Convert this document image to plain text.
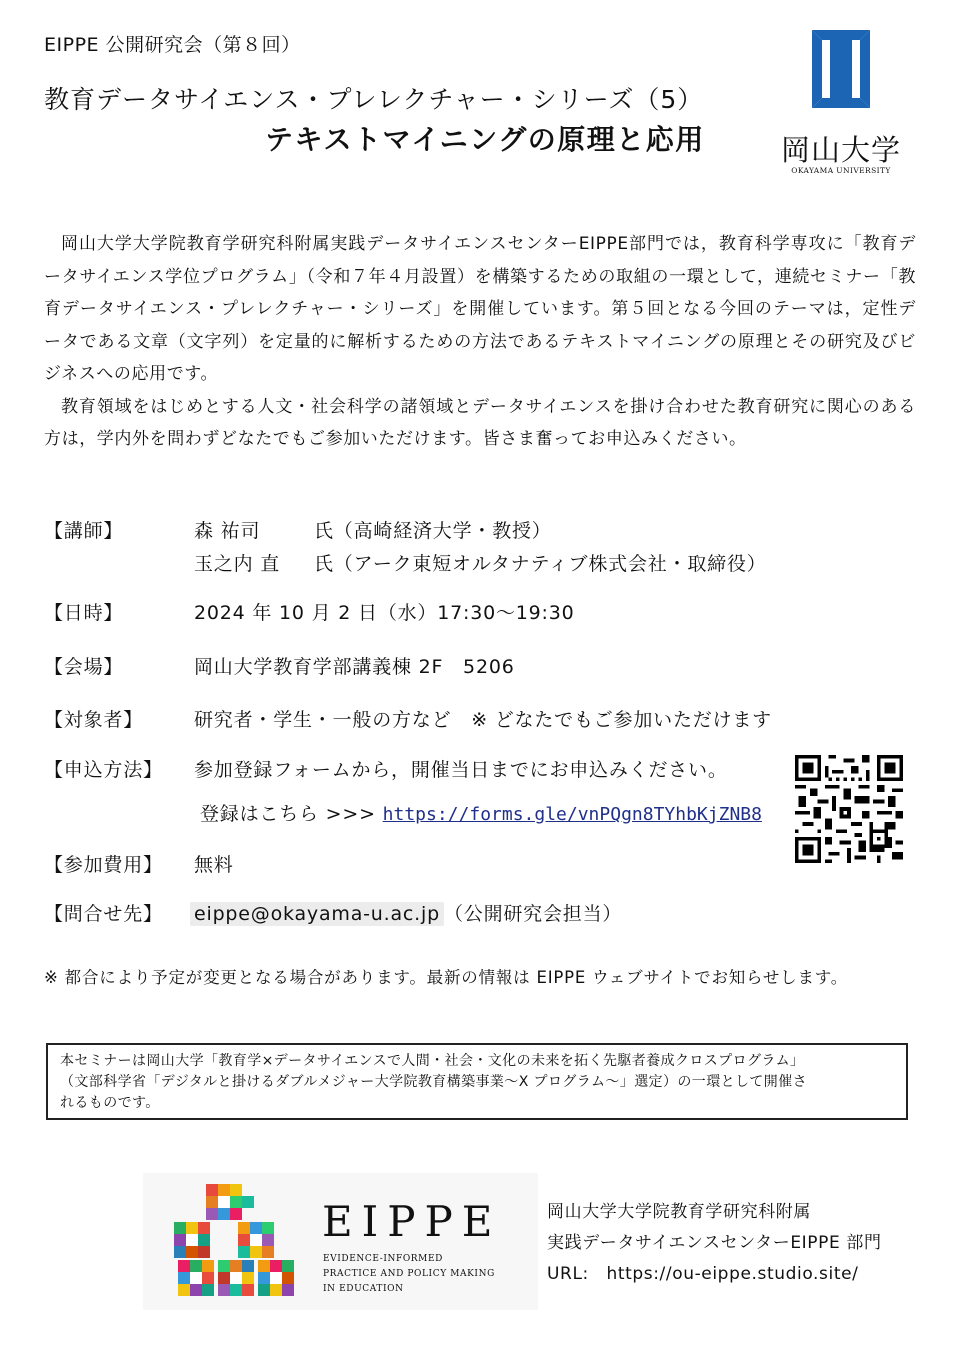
EIPPE 公開研究会（第８回）
教育データサイエンス・プレレクチャー・シリーズ（5）
テキストマイニングの原理と応用	岡山大学
OKAYAMA UNIVERSITY

岡山大学大学院教育学研究科附属実践データサイエンスセンターEIPPE部門では，教育科学専攻に「教育データサイエンス学位プログラム」（令和７年４月設置）を構築するための取組の一環として，連続セミナー「教育データサイエンス・プレレクチャー・シリーズ」を開催しています。第５回となる今回のテーマは，定性データである文章（文字列）を定量的に解析するための方法であるテキストマイニングの原理とその研究及びビジネスへの応用です。

教育領域をはじめとする人文・社会科学の諸領域とデータサイエンスを掛け合わせた教育研究に関心のある方は，学内外を問わずどなたでもご参加いただけます。皆さま奮ってお申込みください。

【講師】	森 祐司	氏（高崎経済大学・教授）
玉之内 直 氏（アーク東短オルタナティブ株式会社・取締役）
【日時】	2024 年 10 月 2 日（水）17:30～19:30
【会場】	岡山大学教育学部講義棟 2F　5206
【対象者】	研究者・学生・一般の方など　※ どなたでもご参加いただけます
【申込方法】 参加登録フォームから，開催当日までにお申込みください。
登録はこちら >>> https://forms.gle/vnPQgn8TYhbKjZNB8
【参加費用】 無料
【問合せ先】 eippe@okayama-u.ac.jp （公開研究会担当）
※ 都合により予定が変更となる場合があります。最新の情報は EIPPE ウェブサイトでお知らせします。

本セミナーは岡山大学「教育学×データサイエンスで人間・社会・文化の未来を拓く先駆者養成クロスプログラム」

（文部科学省「デジタルと掛けるダブルメジャー大学院教育構築事業～X プログラム～」選定）の一環として開催さ

れるものです。

EIPPE
EVIDENCE-INFORMED
PRACTICE AND POLICY MAKING
IN EDUCATION
岡山大学大学院教育学研究科附属
実践データサイエンスセンターEIPPE 部門
URL:　https://ou-eippe.studio.site/
